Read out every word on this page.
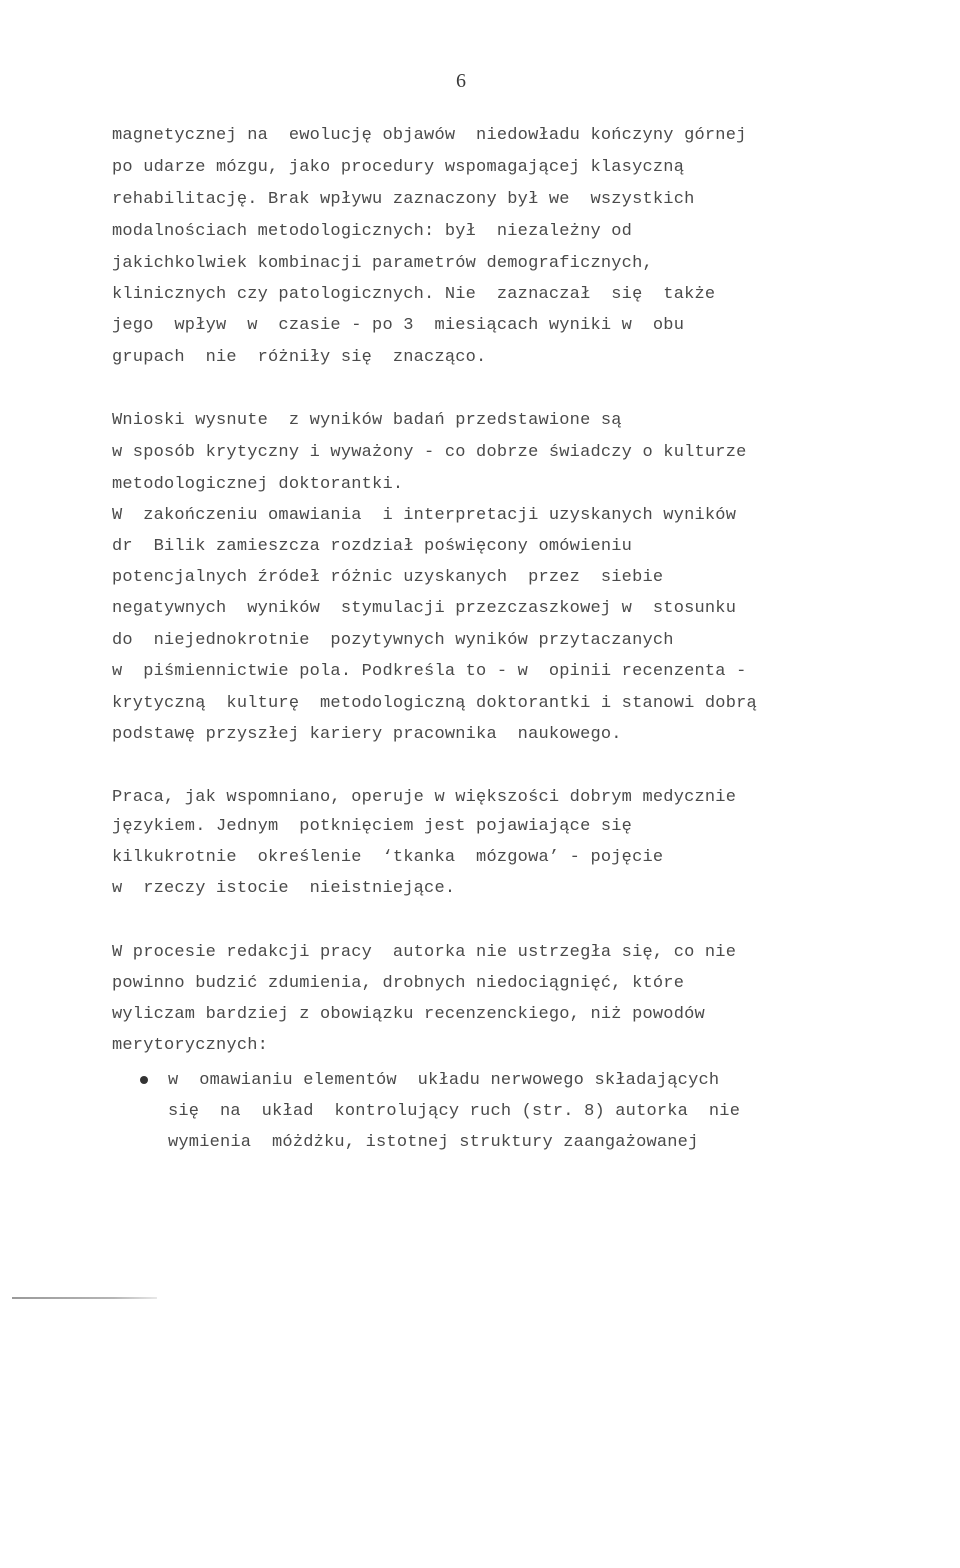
6
magnetycznej na  ewolucję objawów  niedowładu kończyny górnej
po udarze mózgu, jako procedury wspomagającej klasyczną
rehabilitację. Brak wpływu zaznaczony był we  wszystkich
modalnościach metodologicznych: był  niezależny od
jakichkolwiek kombinacji parametrów demograficznych,
klinicznych czy patologicznych. Nie  zaznaczał  się  także
jego  wpływ  w  czasie - po 3  miesiącach wyniki w  obu
grupach  nie  różniły się  znacząco.
Wnioski wysnute  z wyników badań przedstawione są
w sposób krytyczny i wyważony - co dobrze świadczy o kulturze
metodologicznej doktorantki.
W  zakończeniu omawiania  i interpretacji uzyskanych wyników
dr  Bilik zamieszcza rozdział poświęcony omówieniu
potencjalnych źródeł różnic uzyskanych  przez  siebie
negatywnych  wyników  stymulacji przezczaszkowej w  stosunku
do  niejednokrotnie  pozytywnych wyników przytaczanych
w  piśmiennictwie pola. Podkreśla to - w  opinii recenzenta -
krytyczną  kulturę  metodologiczną doktorantki i stanowi dobrą
podstawę przyszłej kariery pracownika  naukowego.
Praca, jak wspomniano, operuje w większości dobrym medycznie
językiem. Jednym  potknięciem jest pojawiające się
kilkukrotnie  określenie  ‘tkanka  mózgowa’ - pojęcie
w  rzeczy istocie  nieistniejące.
W procesie redakcji pracy  autorka nie ustrzegła się, co nie
powinno budzić zdumienia, drobnych niedociągnięć, które
wyliczam bardziej z obowiązku recenzenckiego, niż powodów
merytorycznych:
w  omawianiu elementów  układu nerwowego składających
się  na  układ  kontrolujący ruch (str. 8) autorka  nie
wymienia  móżdżku, istotnej struktury zaangażowanej
